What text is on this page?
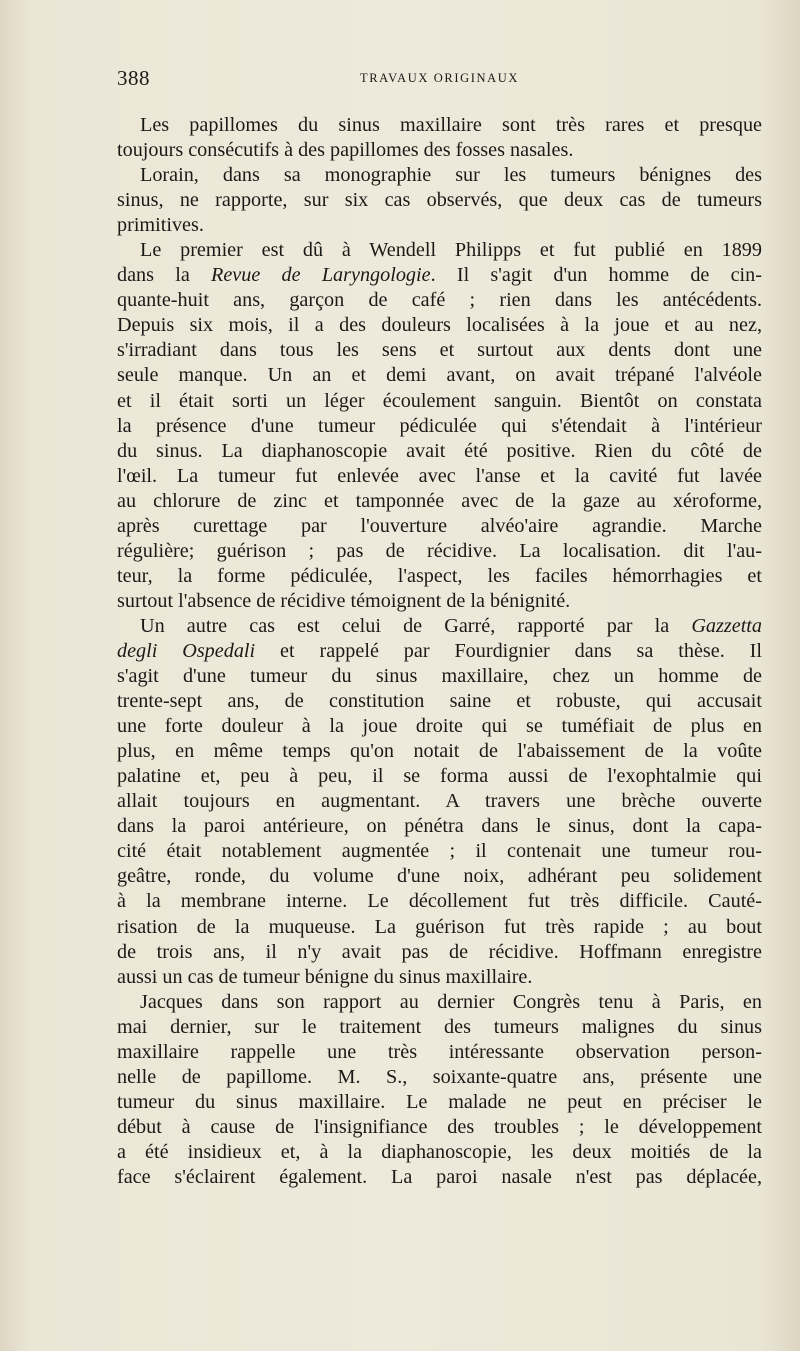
388	TRAVAUX ORIGINAUX

Les papillomes du sinus maxillaire sont très rares et presque
toujours consécutifs à des papillomes des fosses nasales.

Lorain, dans sa monographie sur les tumeurs bénignes des
sinus, ne rapporte, sur six cas observés, que deux cas de tumeurs
primitives.

Le premier est dû à Wendell Philipps et fut publié en 1899
dans la Revue de Laryngologie. Il s'agit d'un homme de cin-
quante-huit ans, garçon de café ; rien dans les antécédents.
Depuis six mois, il a des douleurs localisées à la joue et au nez,
s'irradiant dans tous les sens et surtout aux dents dont une
seule manque. Un an et demi avant, on avait trépané l'alvéole
et il était sorti un léger écoulement sanguin. Bientôt on constata
la présence d'une tumeur pédiculée qui s'étendait à l'intérieur
du sinus. La diaphanoscopie avait été positive. Rien du côté de
l'œil. La tumeur fut enlevée avec l'anse et la cavité fut lavée
au chlorure de zinc et tamponnée avec de la gaze au xéroforme,
après curettage par l'ouverture alvéo'aire agrandie. Marche
régulière; guérison ; pas de récidive. La localisation. dit l'au-
teur, la forme pédiculée, l'aspect, les faciles hémorrhagies et
surtout l'absence de récidive témoignent de la bénignité.

Un autre cas est celui de Garré, rapporté par la Gazzetta
degli Ospedali et rappelé par Fourdignier dans sa thèse. Il
s'agit d'une tumeur du sinus maxillaire, chez un homme de
trente-sept ans, de constitution saine et robuste, qui accusait
une forte douleur à la joue droite qui se tuméfiait de plus en
plus, en même temps qu'on notait de l'abaissement de la voûte
palatine et, peu à peu, il se forma aussi de l'exophtalmie qui
allait toujours en augmentant. A travers une brèche ouverte
dans la paroi antérieure, on pénétra dans le sinus, dont la capa-
cité était notablement augmentée ; il contenait une tumeur rou-
geâtre, ronde, du volume d'une noix, adhérant peu solidement
à la membrane interne. Le décollement fut très difficile. Cauté-
risation de la muqueuse. La guérison fut très rapide ; au bout
de trois ans, il n'y avait pas de récidive. Hoffmann enregistre
aussi un cas de tumeur bénigne du sinus maxillaire.

Jacques dans son rapport au dernier Congrès tenu à Paris, en
mai dernier, sur le traitement des tumeurs malignes du sinus
maxillaire rappelle une très intéressante observation person-
nelle de papillome. M. S., soixante-quatre ans, présente une
tumeur du sinus maxillaire. Le malade ne peut en préciser le
début à cause de l'insignifiance des troubles ; le développement
a été insidieux et, à la diaphanoscopie, les deux moitiés de la
face s'éclairent également. La paroi nasale n'est pas déplacée,
